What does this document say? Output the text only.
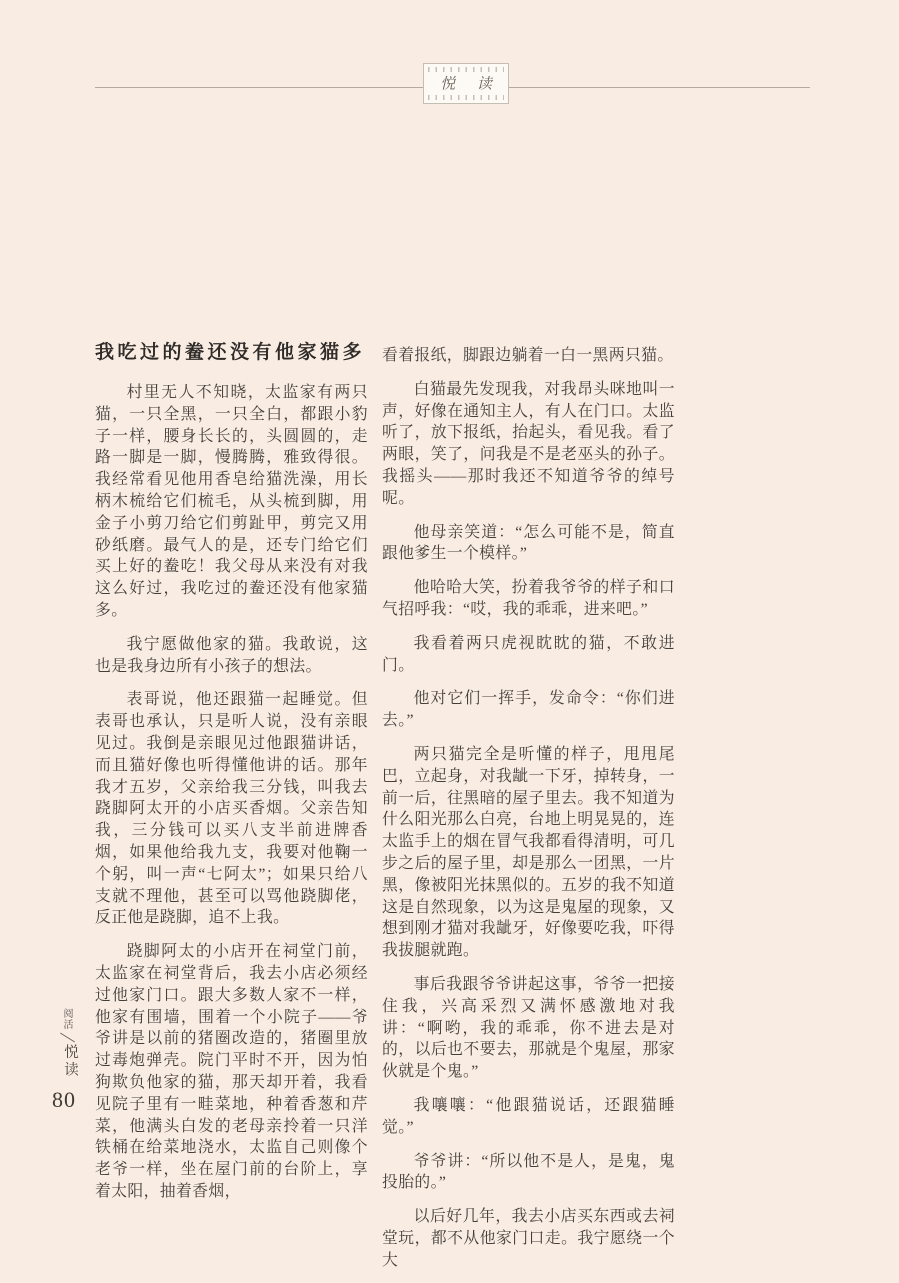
悦 读
我吃过的鲞还没有他家猫多

村里无人不知晓，太监家有两只猫，一只全黑，一只全白，都跟小豹子一样，腰身长长的，头圆圆的，走路一脚是一脚，慢腾腾，雅致得很。我经常看见他用香皂给猫洗澡，用长柄木梳给它们梳毛，从头梳到脚，用金子小剪刀给它们剪趾甲，剪完又用砂纸磨。最气人的是，还专门给它们买上好的鲞吃！我父母从来没有对我这么好过，我吃过的鲞还没有他家猫多。

我宁愿做他家的猫。我敢说，这也是我身边所有小孩子的想法。

表哥说，他还跟猫一起睡觉。但表哥也承认，只是听人说，没有亲眼见过。我倒是亲眼见过他跟猫讲话，而且猫好像也听得懂他讲的话。那年我才五岁，父亲给我三分钱，叫我去跷脚阿太开的小店买香烟。父亲告知我，三分钱可以买八支半前进牌香烟，如果他给我九支，我要对他鞠一个躬，叫一声“七阿太”；如果只给八支就不理他，甚至可以骂他跷脚佬，反正他是跷脚，追不上我。

跷脚阿太的小店开在祠堂门前，太监家在祠堂背后，我去小店必须经过他家门口。跟大多数人家不一样，他家有围墙，围着一个小院子——爷爷讲是以前的猪圈改造的，猪圈里放过毒炮弹壳。院门平时不开，因为怕狗欺负他家的猫，那天却开着，我看见院子里有一畦菜地，种着香葱和芹菜，他满头白发的老母亲拎着一只洋铁桶在给菜地浇水，太监自己则像个老爷一样，坐在屋门前的台阶上，享着太阳，抽着香烟，

看着报纸，脚跟边躺着一白一黑两只猫。

白猫最先发现我，对我昂头咪地叫一声，好像在通知主人，有人在门口。太监听了，放下报纸，抬起头，看见我。看了两眼，笑了，问我是不是老巫头的孙子。我摇头——那时我还不知道爷爷的绰号呢。

他母亲笑道：“怎么可能不是，简直跟他爹生一个模样。”

他哈哈大笑，扮着我爷爷的样子和口气招呼我：“哎，我的乖乖，进来吧。”

我看着两只虎视眈眈的猫，不敢进门。

他对它们一挥手，发命令：“你们进去。”

两只猫完全是听懂的样子，甩甩尾巴，立起身，对我龇一下牙，掉转身，一前一后，往黑暗的屋子里去。我不知道为什么阳光那么白亮，台地上明晃晃的，连太监手上的烟在冒气我都看得清明，可几步之后的屋子里，却是那么一团黑，一片黑，像被阳光抹黑似的。五岁的我不知道这是自然现象，以为这是鬼屋的现象，又想到刚才猫对我龇牙，好像要吃我，吓得我拔腿就跑。

事后我跟爷爷讲起这事，爷爷一把接住我，兴高采烈又满怀感激地对我讲：“啊哟，我的乖乖，你不进去是对的，以后也不要去，那就是个鬼屋，那家伙就是个鬼。”

我嚷嚷：“他跟猫说话，还跟猫睡觉。”

爷爷讲：“所以他不是人，是鬼，鬼投胎的。”

以后好几年，我去小店买东西或去祠堂玩，都不从他家门口走。我宁愿绕一个大

阅活
悦读
80
